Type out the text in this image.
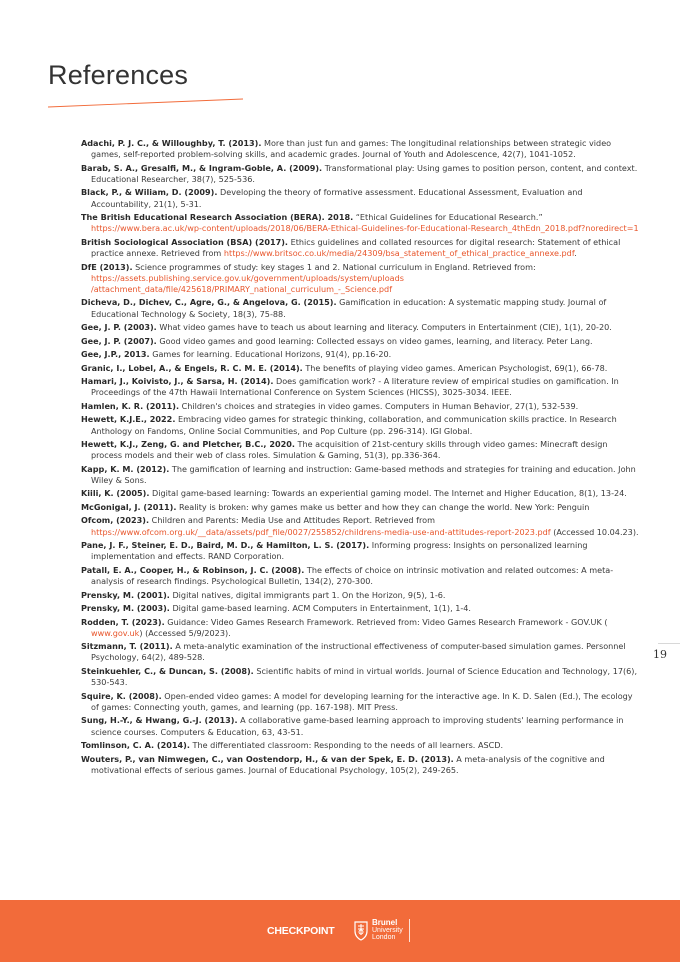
References
Adachi, P. J. C., & Willoughby, T. (2013). More than just fun and games: The longitudinal relationships between strategic video games, self-reported problem-solving skills, and academic grades. Journal of Youth and Adolescence, 42(7), 1041-1052.
Barab, S. A., Gresalfi, M., & Ingram-Goble, A. (2009). Transformational play: Using games to position person, content, and context. Educational Researcher, 38(7), 525-536.
Black, P., & Wiliam, D. (2009). Developing the theory of formative assessment. Educational Assessment, Evaluation and Accountability, 21(1), 5-31.
The British Educational Research Association (BERA). 2018. “Ethical Guidelines for Educational Research.” https://www.bera.ac.uk/wp-content/uploads/2018/06/BERA-Ethical-Guidelines-for-Educational-Research_4thEdn_2018.pdf?noredirect=1
British Sociological Association (BSA) (2017). Ethics guidelines and collated resources for digital research: Statement of ethical practice annexe. Retrieved from https://www.britsoc.co.uk/media/24309/bsa_statement_of_ethical_practice_annexe.pdf.
DfE (2013). Science programmes of study: key stages 1 and 2. National curriculum in England. Retrieved from: https://assets.publishing.service.gov.uk/government/uploads/system/uploads /attachment_data/file/425618/PRIMARY_national_curriculum_-_Science.pdf
Dicheva, D., Dichev, C., Agre, G., & Angelova, G. (2015). Gamification in education: A systematic mapping study. Journal of Educational Technology & Society, 18(3), 75-88.
Gee, J. P. (2003). What video games have to teach us about learning and literacy. Computers in Entertainment (CIE), 1(1), 20-20.
Gee, J. P. (2007). Good video games and good learning: Collected essays on video games, learning, and literacy. Peter Lang.
Gee, J.P., 2013. Games for learning. Educational Horizons, 91(4), pp.16-20.
Granic, I., Lobel, A., & Engels, R. C. M. E. (2014). The benefits of playing video games. American Psychologist, 69(1), 66-78.
Hamari, J., Koivisto, J., & Sarsa, H. (2014). Does gamification work? - A literature review of empirical studies on gamification. In Proceedings of the 47th Hawaii International Conference on System Sciences (HICSS), 3025-3034. IEEE.
Hamlen, K. R. (2011). Children's choices and strategies in video games. Computers in Human Behavior, 27(1), 532-539.
Hewett, K.J.E., 2022. Embracing video games for strategic thinking, collaboration, and communication skills practice. In Research Anthology on Fandoms, Online Social Communities, and Pop Culture (pp. 296-314). IGI Global.
Hewett, K.J., Zeng, G. and Pletcher, B.C., 2020. The acquisition of 21st-century skills through video games: Minecraft design process models and their web of class roles. Simulation & Gaming, 51(3), pp.336-364.
Kapp, K. M. (2012). The gamification of learning and instruction: Game-based methods and strategies for training and education. John Wiley & Sons.
Kiili, K. (2005). Digital game-based learning: Towards an experiential gaming model. The Internet and Higher Education, 8(1), 13-24.
McGonigal, J. (2011). Reality is broken: why games make us better and how they can change the world. New York: Penguin
Ofcom, (2023). Children and Parents: Media Use and Attitudes Report. Retrieved from https://www.ofcom.org.uk/__data/assets/pdf_file/0027/255852/childrens-media-use-and-attitudes-report-2023.pdf (Accessed 10.04.23).
Pane, J. F., Steiner, E. D., Baird, M. D., & Hamilton, L. S. (2017). Informing progress: Insights on personalized learning implementation and effects. RAND Corporation.
Patall, E. A., Cooper, H., & Robinson, J. C. (2008). The effects of choice on intrinsic motivation and related outcomes: A meta-analysis of research findings. Psychological Bulletin, 134(2), 270-300.
Prensky, M. (2001). Digital natives, digital immigrants part 1. On the Horizon, 9(5), 1-6.
Prensky, M. (2003). Digital game-based learning. ACM Computers in Entertainment, 1(1), 1-4.
Rodden, T. (2023). Guidance: Video Games Research Framework. Retrieved from: Video Games Research Framework - GOV.UK ( www.gov.uk) (Accessed 5/9/2023).
Sitzmann, T. (2011). A meta-analytic examination of the instructional effectiveness of computer-based simulation games. Personnel Psychology, 64(2), 489-528.
Steinkuehler, C., & Duncan, S. (2008). Scientific habits of mind in virtual worlds. Journal of Science Education and Technology, 17(6), 530-543.
Squire, K. (2008). Open-ended video games: A model for developing learning for the interactive age. In K. D. Salen (Ed.), The ecology of games: Connecting youth, games, and learning (pp. 167-198). MIT Press.
Sung, H.-Y., & Hwang, G.-J. (2013). A collaborative game-based learning approach to improving students' learning performance in science courses. Computers & Education, 63, 43-51.
Tomlinson, C. A. (2014). The differentiated classroom: Responding to the needs of all learners. ASCD.
Wouters, P., van Nimwegen, C., van Oostendorp, H., & van der Spek, E. D. (2013). A meta-analysis of the cognitive and motivational effects of serious games. Journal of Educational Psychology, 105(2), 249-265.
19
CHECKPOINT
Brunel
University
London
